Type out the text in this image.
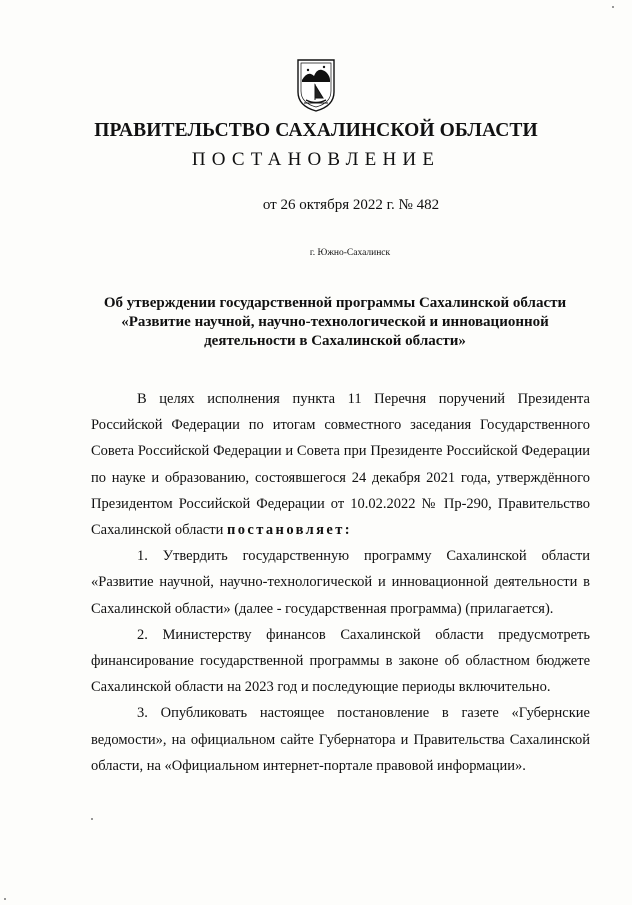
ПРАВИТЕЛЬСТВО САХАЛИНСКОЙ ОБЛАСТИ
ПОСТАНОВЛЕНИЕ
от 26 октября 2022 г. № 482
г. Южно-Сахалинск
Об утверждении государственной программы Сахалинской области
«Развитие научной, научно-технологической и инновационной
деятельности в Сахалинской области»

В целях исполнения пункта 11 Перечня поручений Президента Российской Федерации по итогам совместного заседания Государственного Совета Российской Федерации и Совета при Президенте Российской Федерации по науке и образованию, состоявшегося 24 декабря 2021 года, утверждённого Президентом Российской Федерации от 10.02.2022 № Пр-290, Правительство Сахалинской области постановляет:

1. Утвердить государственную программу Сахалинской области «Развитие научной, научно-технологической и инновационной деятельности в Сахалинской области» (далее - государственная программа) (прилагается).

2. Министерству финансов Сахалинской области предусмотреть финансирование государственной программы в законе об областном бюджете Сахалинской области на 2023 год и последующие периоды включительно.

3. Опубликовать настоящее постановление в газете «Губернские ведомости», на официальном сайте Губернатора и Правительства Сахалинской области, на «Официальном интернет-портале правовой информации».
